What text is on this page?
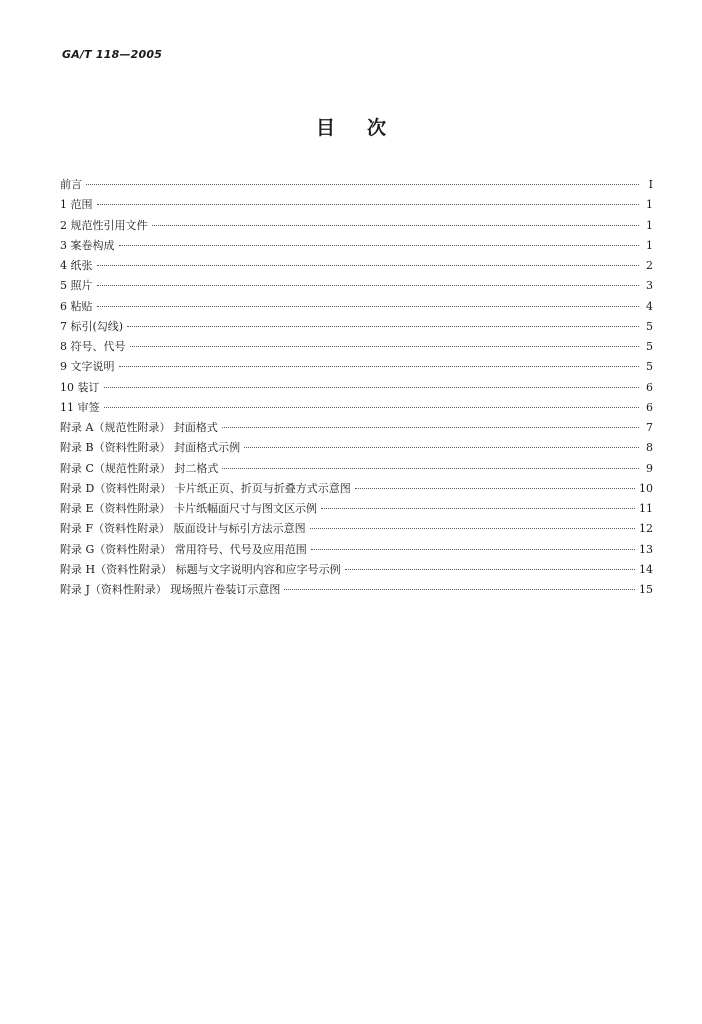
GA/T 118—2005
目次
前言	I
1 范围	1
2 规范性引用文件	1
3 案卷构成	1
4 纸张	2
5 照片	3
6 粘贴	4
7 标引(勾线)	5
8 符号、代号	5
9 文字说明	5
10 装订	6
11 审签	6
附录 A（规范性附录） 封面格式	7
附录 B（资料性附录） 封面格式示例	8
附录 C（规范性附录） 封二格式	9
附录 D（资料性附录） 卡片纸正页、折页与折叠方式示意图	10
附录 E（资料性附录） 卡片纸幅面尺寸与图文区示例	11
附录 F（资料性附录） 版面设计与标引方法示意图	12
附录 G（资料性附录） 常用符号、代号及应用范围	13
附录 H（资料性附录） 标题与文字说明内容和应字号示例	14
附录 J（资料性附录） 现场照片卷装订示意图	15
